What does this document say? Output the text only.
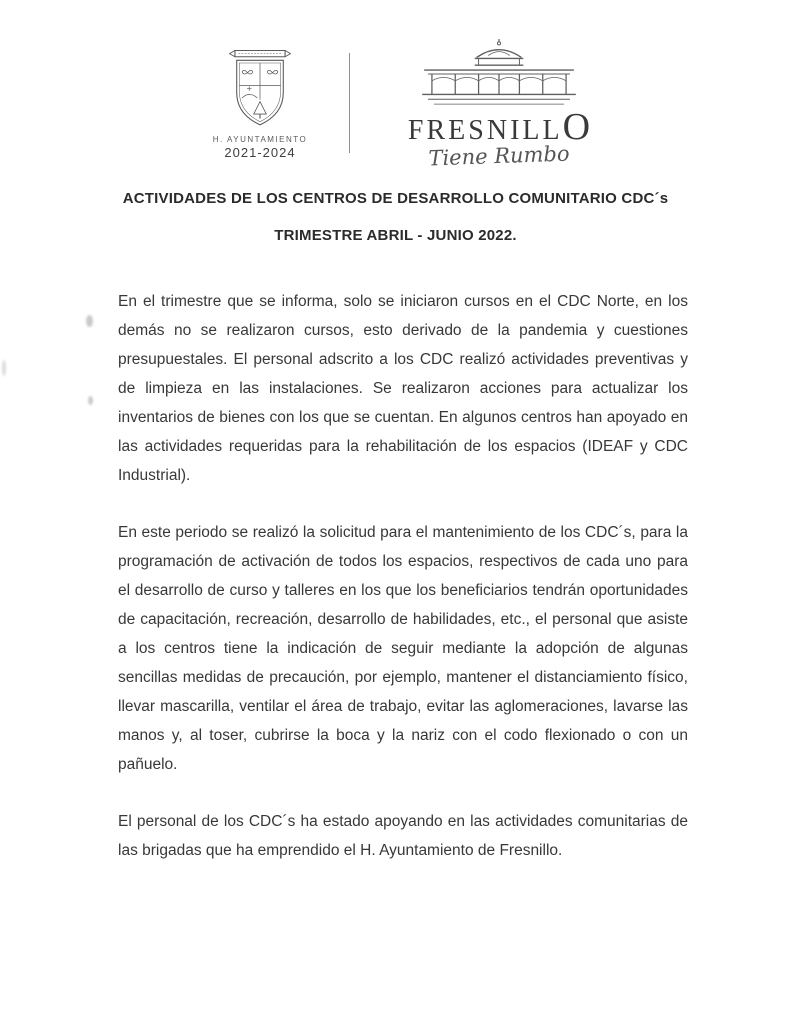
H. AYUNTAMIENTO
2021-2024
FRESNILLO
Tiene Rumbo
ACTIVIDADES DE LOS CENTROS DE DESARROLLO COMUNITARIO CDC´s
TRIMESTRE ABRIL - JUNIO 2022.

En el trimestre que se informa, solo se iniciaron cursos en el CDC Norte, en los demás no se realizaron cursos, esto derivado de la pandemia y cuestiones presupuestales. El personal adscrito a los CDC realizó actividades preventivas y de limpieza en las instalaciones. Se realizaron acciones para actualizar los inventarios de bienes con los que se cuentan. En algunos centros han apoyado en las actividades requeridas para la rehabilitación de los espacios (IDEAF y CDC Industrial).

En este periodo se realizó la solicitud para el mantenimiento de los CDC´s, para la programación de activación de todos los espacios, respectivos de cada uno para el desarrollo de curso y talleres en los que los beneficiarios tendrán oportunidades de capacitación, recreación, desarrollo de habilidades, etc., el personal que asiste a los centros tiene la indicación de seguir mediante la adopción de algunas sencillas medidas de precaución, por ejemplo, mantener el distanciamiento físico, llevar mascarilla, ventilar el área de trabajo, evitar las aglomeraciones, lavarse las manos y, al toser, cubrirse la boca y la nariz con el codo flexionado o con un pañuelo.

El personal de los CDC´s ha estado apoyando en las actividades comunitarias de las brigadas que ha emprendido el H. Ayuntamiento de Fresnillo.
